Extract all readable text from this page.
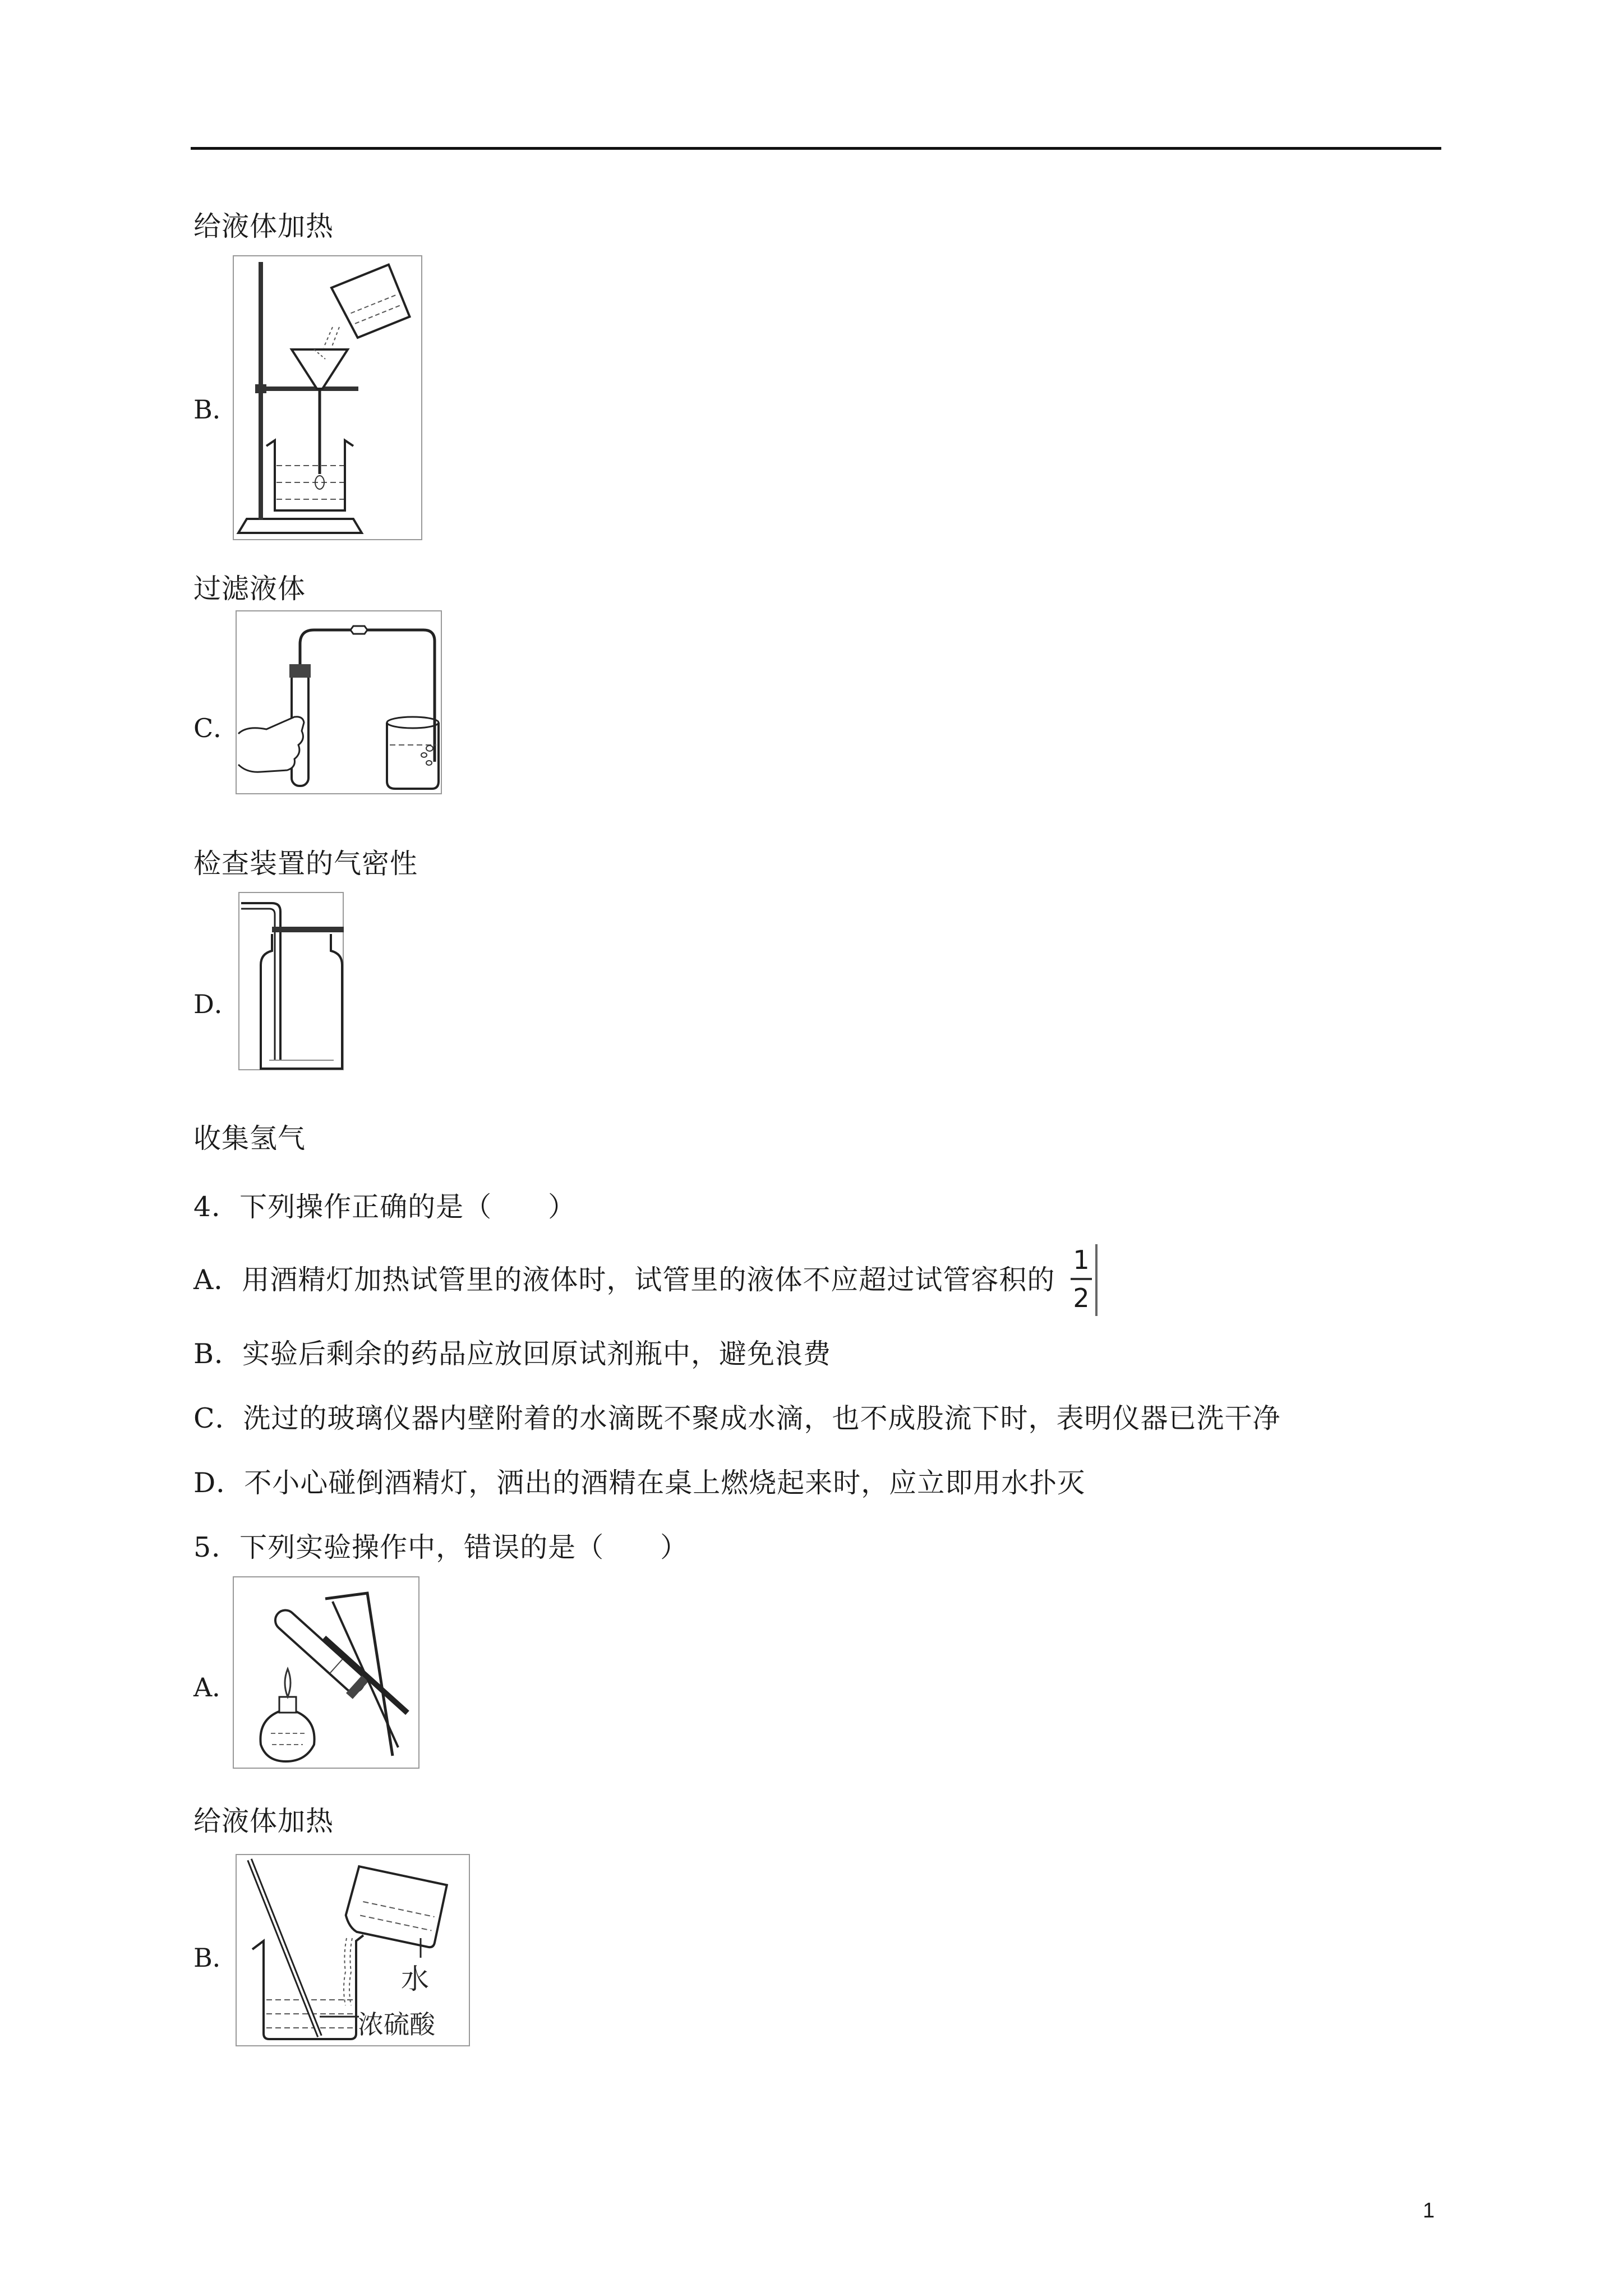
给液体加热
B．
过滤液体
C．
检查装置的气密性
D．
收集氢气
4．下列操作正确的是（　　）
A．用酒精灯加热试管里的液体时，试管里的液体不应超过试管容积的
1
2
B．实验后剩余的药品应放回原试剂瓶中，避免浪费
C．洗过的玻璃仪器内壁附着的水滴既不聚成水滴，也不成股流下时，表明仪器已洗干净
D．不小心碰倒酒精灯，洒出的酒精在桌上燃烧起来时，应立即用水扑灭
5．下列实验操作中，错误的是（　　）
A．
给液体加热
B．
水
浓硫酸
1
